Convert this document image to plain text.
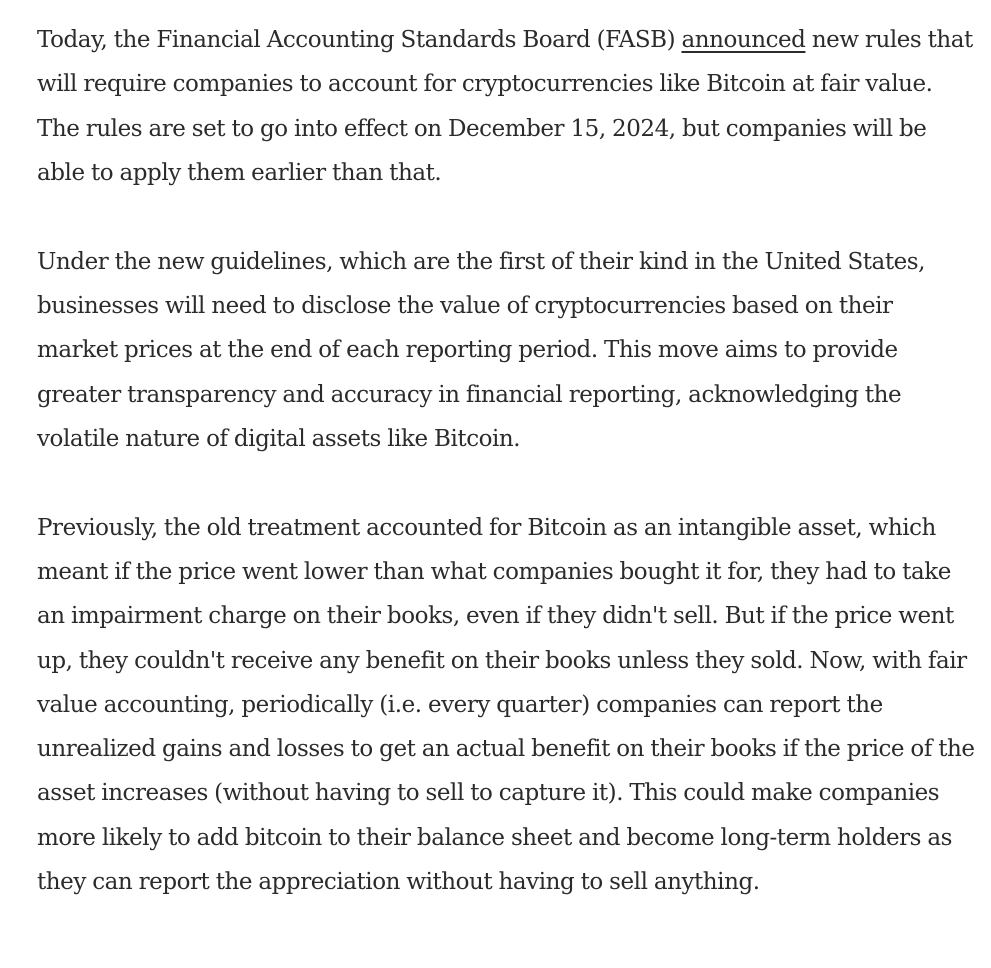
Today, the Financial Accounting Standards Board (FASB) announced new rules that will require companies to account for cryptocurrencies like Bitcoin at fair value. The rules are set to go into effect on December 15, 2024, but companies will be able to apply them earlier than that.

Under the new guidelines, which are the first of their kind in the United States, businesses will need to disclose the value of cryptocurrencies based on their market prices at the end of each reporting period. This move aims to provide greater transparency and accuracy in financial reporting, acknowledging the volatile nature of digital assets like Bitcoin.

Previously, the old treatment accounted for Bitcoin as an intangible asset, which meant if the price went lower than what companies bought it for, they had to take an impairment charge on their books, even if they didn't sell. But if the price went up, they couldn't receive any benefit on their books unless they sold. Now, with fair value accounting, periodically (i.e. every quarter) companies can report the unrealized gains and losses to get an actual benefit on their books if the price of the asset increases (without having to sell to capture it). This could make companies more likely to add bitcoin to their balance sheet and become long-term holders as they can report the appreciation without having to sell anything.
